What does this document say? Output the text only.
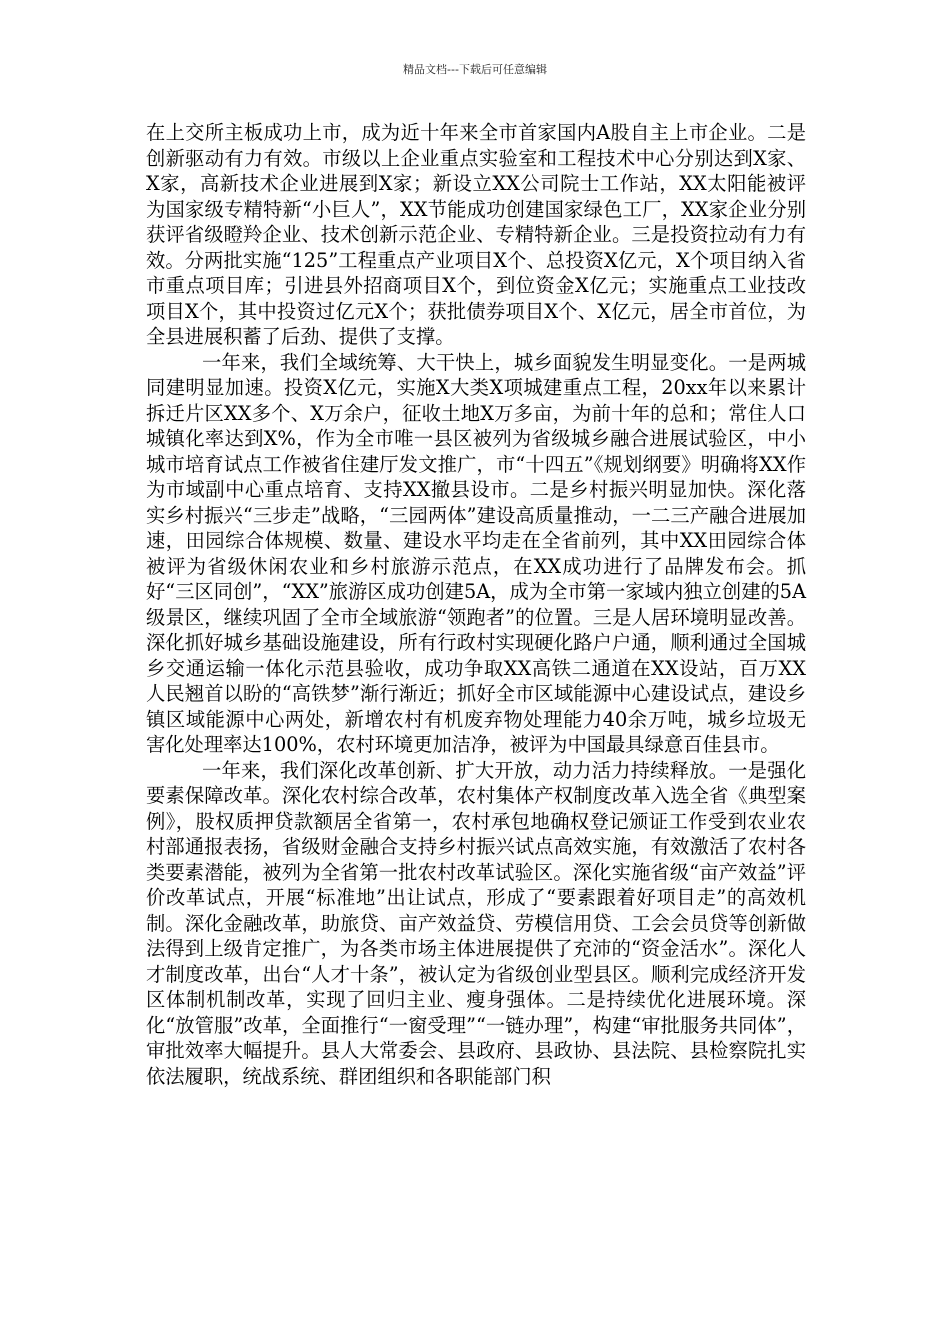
精品文档---下载后可任意编辑

在上交所主板成功上市，成为近十年来全市首家国内A股自主上市企业。二是创新驱动有力有效。市级以上企业重点实验室和工程技术中心分别达到X家、X家，高新技术企业进展到X家；新设立XX公司院士工作站，XX太阳能被评为国家级专精特新“小巨人”，XX节能成功创建国家绿色工厂，XX家企业分别获评省级瞪羚企业、技术创新示范企业、专精特新企业。三是投资拉动有力有效。分两批实施“125”工程重点产业项目X个、总投资X亿元，X个项目纳入省市重点项目库；引进县外招商项目X个，到位资金X亿元；实施重点工业技改项目X个，其中投资过亿元X个；获批债券项目X个、X亿元，居全市首位，为全县进展积蓄了后劲、提供了支撑。

一年来，我们全域统筹、大干快上，城乡面貌发生明显变化。一是两城同建明显加速。投资X亿元，实施X大类X项城建重点工程，20xx年以来累计拆迁片区XX多个、X万余户，征收土地X万多亩，为前十年的总和；常住人口城镇化率达到X%，作为全市唯一县区被列为省级城乡融合进展试验区，中小城市培育试点工作被省住建厅发文推广，市“十四五”《规划纲要》明确将XX作为市域副中心重点培育、支持XX撤县设市。二是乡村振兴明显加快。深化落实乡村振兴“三步走”战略，“三园两体”建设高质量推动，一二三产融合进展加速，田园综合体规模、数量、建设水平均走在全省前列，其中XX田园综合体被评为省级休闲农业和乡村旅游示范点，在XX成功进行了品牌发布会。抓好“三区同创”，“XX”旅游区成功创建5A，成为全市第一家域内独立创建的5A级景区，继续巩固了全市全域旅游“领跑者”的位置。三是人居环境明显改善。深化抓好城乡基础设施建设，所有行政村实现硬化路户户通，顺利通过全国城乡交通运输一体化示范县验收，成功争取XX高铁二通道在XX设站，百万XX人民翘首以盼的“高铁梦”渐行渐近；抓好全市区域能源中心建设试点，建设乡镇区域能源中心两处，新增农村有机废弃物处理能力40余万吨，城乡垃圾无害化处理率达100%，农村环境更加洁净，被评为中国最具绿意百佳县市。

一年来，我们深化改革创新、扩大开放，动力活力持续释放。一是强化要素保障改革。深化农村综合改革，农村集体产权制度改革入选全省《典型案例》，股权质押贷款额居全省第一，农村承包地确权登记颁证工作受到农业农村部通报表扬，省级财金融合支持乡村振兴试点高效实施，有效激活了农村各类要素潜能，被列为全省第一批农村改革试验区。深化实施省级“亩产效益”评价改革试点，开展“标准地”出让试点，形成了“要素跟着好项目走”的高效机制。深化金融改革，助旅贷、亩产效益贷、劳模信用贷、工会会员贷等创新做法得到上级肯定推广，为各类市场主体进展提供了充沛的“资金活水”。深化人才制度改革，出台“人才十条”，被认定为省级创业型县区。顺利完成经济开发区体制机制改革，实现了回归主业、瘦身强体。二是持续优化进展环境。深化“放管服”改革，全面推行“一窗受理”“一链办理”，构建“审批服务共同体”，审批效率大幅提升。县人大常委会、县政府、县政协、县法院、县检察院扎实依法履职，统战系统、群团组织和各职能部门积
